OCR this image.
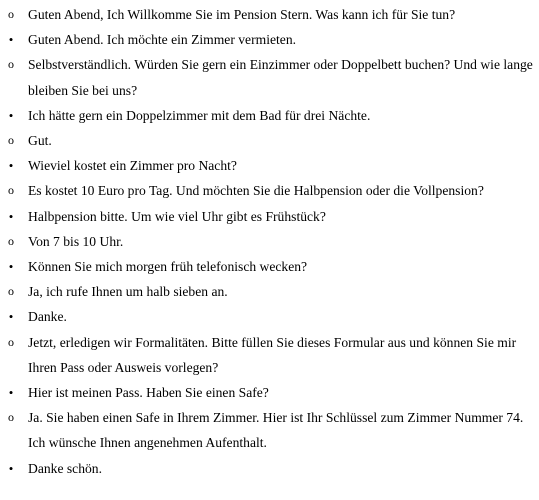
o Guten Abend, Ich Willkomme Sie im Pension Stern. Was kann ich für Sie tun?
• Guten Abend. Ich möchte ein Zimmer vermieten.
o Selbstverständlich. Würden Sie gern ein Einzimmer oder Doppelbett buchen? Und wie lange bleiben Sie bei uns?
• Ich hätte gern ein Doppelzimmer mit dem Bad für drei Nächte.
o Gut.
• Wieviel kostet ein Zimmer pro Nacht?
o Es kostet 10 Euro pro Tag. Und möchten Sie die Halbpension oder die Vollpension?
• Halbpension bitte. Um wie viel Uhr gibt es Frühstück?
o Von 7 bis 10 Uhr.
• Können Sie mich morgen früh telefonisch wecken?
o Ja, ich rufe Ihnen um halb sieben an.
• Danke.
o Jetzt, erledigen wir Formalitäten. Bitte füllen Sie dieses Formular aus und können Sie mir Ihren Pass oder Ausweis vorlegen?
• Hier ist meinen Pass. Haben Sie einen Safe?
o Ja. Sie haben einen Safe in Ihrem Zimmer. Hier ist Ihr Schlüssel zum Zimmer Nummer 74. Ich wünsche Ihnen angenehmen Aufenthalt.
• Danke schön.
